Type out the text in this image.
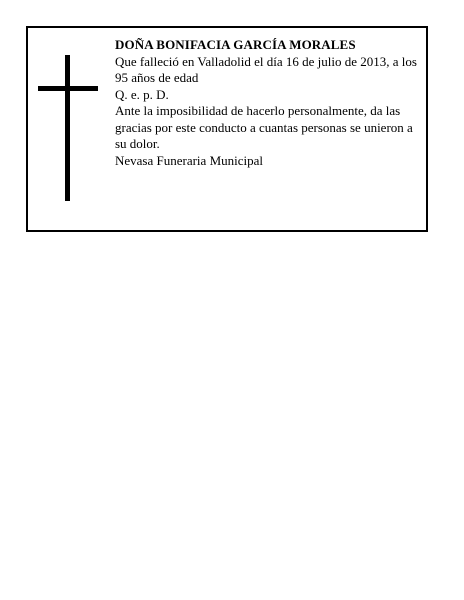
DOÑA BONIFACIA GARCÍA MORALES

Que falleció en Valladolid el día 16 de julio de 2013, a los 95 años de edad

Q. e. p. D.

Ante la imposibilidad de hacerlo personalmente, da las gracias por este conducto a cuantas personas se unieron a su dolor.

Nevasa Funeraria Municipal
